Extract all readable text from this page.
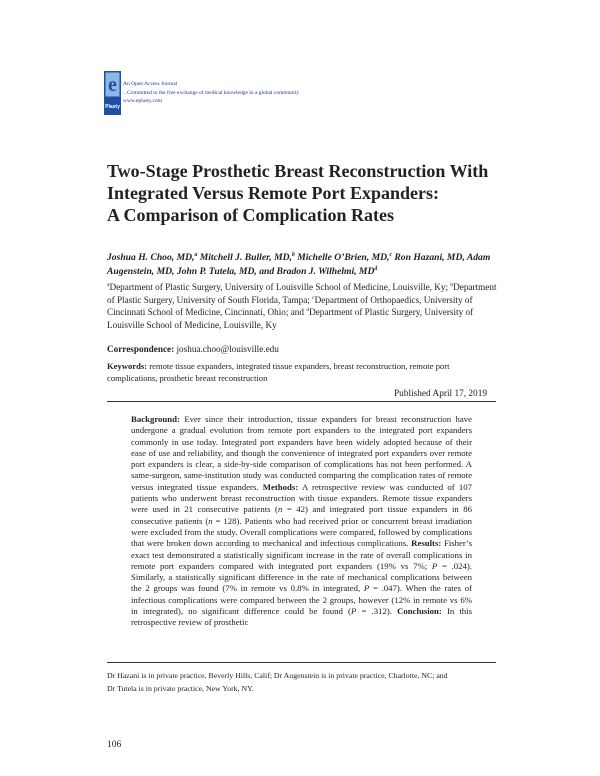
e
Plasty
An Open Access Journal
...Committed to the free exchange of medical knowledge in a global community
www.eplasty.com
Two-Stage Prosthetic Breast Reconstruction With
Integrated Versus Remote Port Expanders:
A Comparison of Complication Rates
Joshua H. Choo, MD,$^a$ Mitchell J. Buller, MD,$^b$ Michelle O’Brien, MD,$^c$ Ron Hazani, MD, Adam Augenstein, MD, John P. Tutela, MD, and Bradon J. Wilhelmi, $MD^d$
$^a$Department of Plastic Surgery, University of Louisville School of Medicine, Louisville, Ky; $^b$Department of Plastic Surgery, University of South Florida, Tampa; $^c$Department of Orthopaedics, University of Cincinnati School of Medicine, Cincinnati, Ohio; and $^d$Department of Plastic Surgery, University of Louisville School of Medicine, Louisville, Ky
Correspondence: joshua.choo@louisville.edu
Keywords: remote tissue expanders, integrated tissue expanders, breast reconstruction, remote port complications, prosthetic breast reconstruction
Published April 17, 2019
Background: Ever since their introduction, tissue expanders for breast reconstruction have undergone a gradual evolution from remote port expanders to the integrated port expanders commonly in use today. Integrated port expanders have been widely adopted because of their ease of use and reliability, and though the convenience of integrated port expanders over remote port expanders is clear, a side-by-side comparison of complications has not been performed. A same-surgeon, same-institution study was conducted comparing the complication rates of remote versus integrated tissue expanders. Methods: A retrospective review was conducted of 107 patients who underwent breast reconstruction with tissue expanders. Remote tissue expanders were used in 21 consecutive patients (n = 42) and integrated port tissue expanders in 86 consecutive patients (n = 128). Patients who had received prior or concurrent breast irradiation were excluded from the study. Overall complications were compared, followed by complications that were broken down according to mechanical and infectious complications. Results: Fisher’s exact test demonstrated a statistically significant increase in the rate of overall complications in remote port expanders compared with integrated port expanders (19% vs 7%; P = .024). Similarly, a statistically significant difference in the rate of mechanical complications between the 2 groups was found (7% in remote vs 0.8% in integrated, P = .047). When the rates of infectious complications were compared between the 2 groups, however (12% in remote vs 6% in integrated), no significant difference could be found (P = .312). Conclusion: In this retrospective review of prosthetic
Dr Hazani is in private practice, Beverly Hills, Calif; Dr Augenstein is in private practice, Charlotte, NC; and
Dr Tutela is in private practice, New York, NY.
106
